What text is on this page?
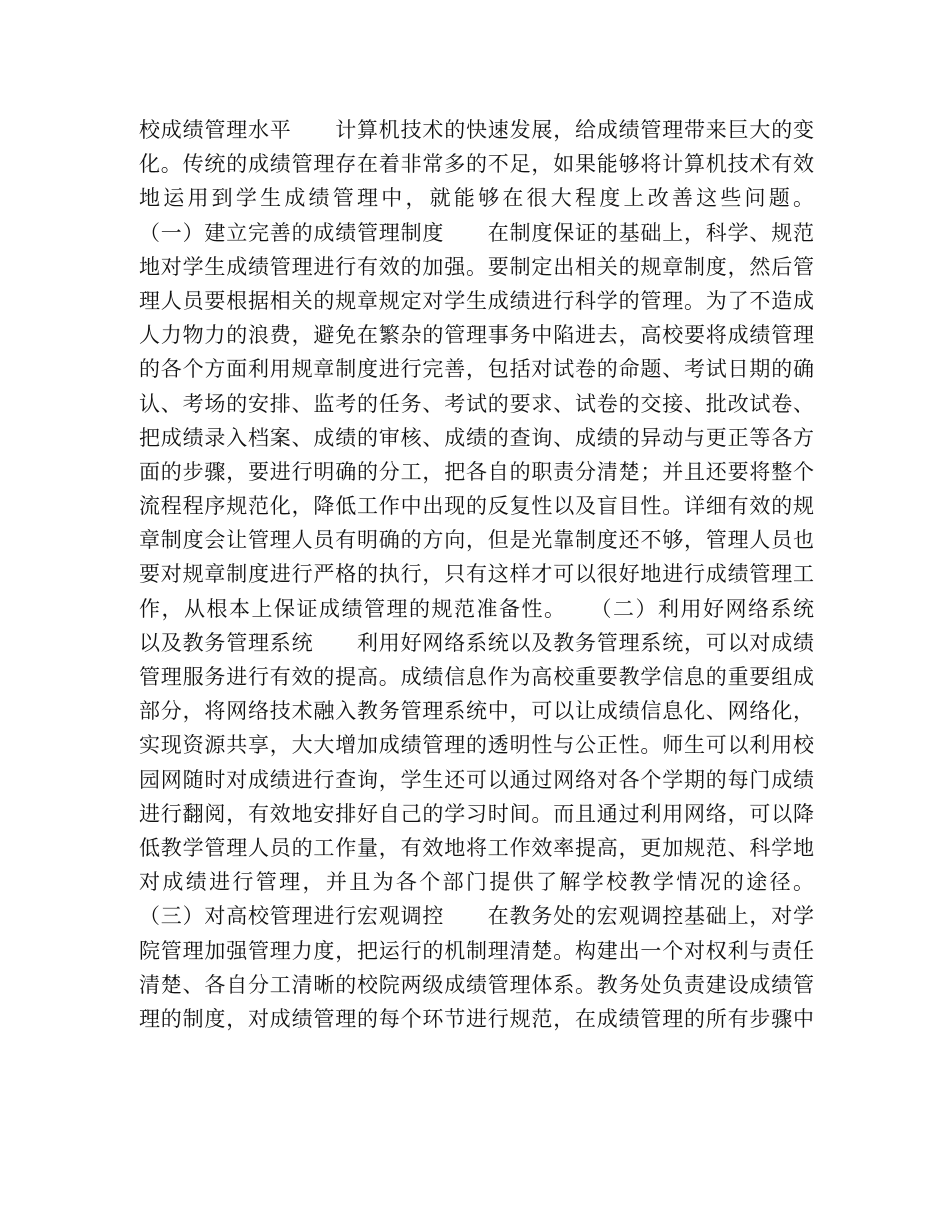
校成绩管理水平　　计算机技术的快速发展，给成绩管理带来巨大的变
化。传统的成绩管理存在着非常多的不足，如果能够将计算机技术有效
地运用到学生成绩管理中，就能够在很大程度上改善这些问题。
（一）建立完善的成绩管理制度　　在制度保证的基础上，科学、规范
地对学生成绩管理进行有效的加强。要制定出相关的规章制度，然后管
理人员要根据相关的规章规定对学生成绩进行科学的管理。为了不造成
人力物力的浪费，避免在繁杂的管理事务中陷进去，高校要将成绩管理
的各个方面利用规章制度进行完善，包括对试卷的命题、考试日期的确
认、考场的安排、监考的任务、考试的要求、试卷的交接、批改试卷、
把成绩录入档案、成绩的审核、成绩的查询、成绩的异动与更正等各方
面的步骤，要进行明确的分工，把各自的职责分清楚；并且还要将整个
流程程序规范化，降低工作中出现的反复性以及盲目性。详细有效的规
章制度会让管理人员有明确的方向，但是光靠制度还不够，管理人员也
要对规章制度进行严格的执行，只有这样才可以很好地进行成绩管理工
作，从根本上保证成绩管理的规范准备性。　　（二）利用好网络系统
以及教务管理系统　　利用好网络系统以及教务管理系统，可以对成绩
管理服务进行有效的提高。成绩信息作为高校重要教学信息的重要组成
部分，将网络技术融入教务管理系统中，可以让成绩信息化、网络化，
实现资源共享，大大增加成绩管理的透明性与公正性。师生可以利用校
园网随时对成绩进行查询，学生还可以通过网络对各个学期的每门成绩
进行翻阅，有效地安排好自己的学习时间。而且通过利用网络，可以降
低教学管理人员的工作量，有效地将工作效率提高，更加规范、科学地
对成绩进行管理，并且为各个部门提供了解学校教学情况的途径。
（三）对高校管理进行宏观调控　　在教务处的宏观调控基础上，对学
院管理加强管理力度，把运行的机制理清楚。构建出一个对权利与责任
清楚、各自分工清晰的校院两级成绩管理体系。教务处负责建设成绩管
理的制度，对成绩管理的每个环节进行规范，在成绩管理的所有步骤中
